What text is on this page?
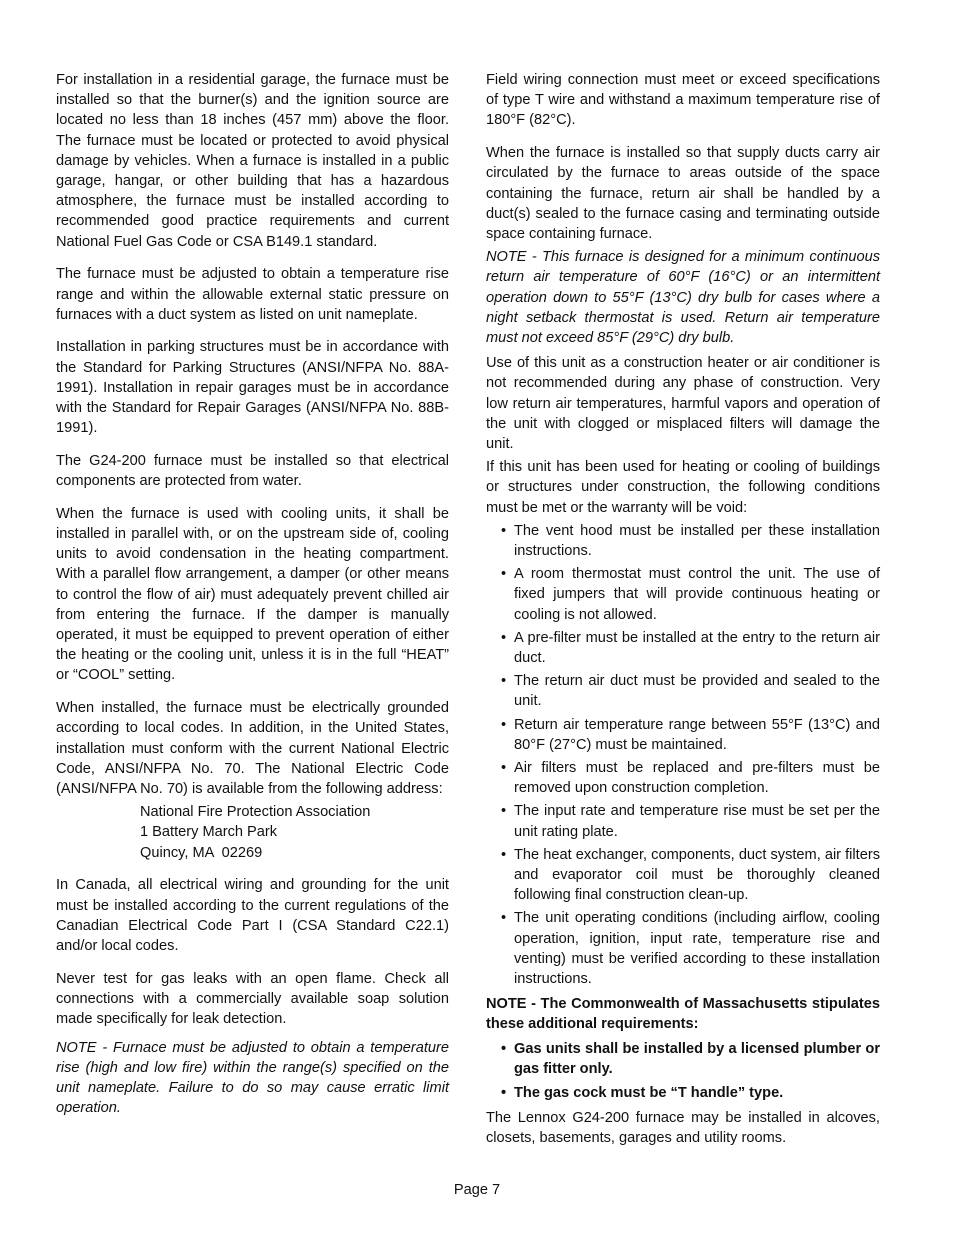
For installation in a residential garage, the furnace must be installed so that the burner(s) and the ignition source are located no less than 18 inches (457 mm) above the floor. The furnace must be located or protected to avoid physical damage by vehicles. When a furnace is installed in a public garage, hangar, or other building that has a hazardous atmosphere, the furnace must be installed according to recommended good practice requirements and current National Fuel Gas Code or CSA B149.1 standard.

The furnace must be adjusted to obtain a temperature rise range and within the allowable external static pressure on furnaces with a duct system as listed on unit nameplate.

Installation in parking structures must be in accordance with the Standard for Parking Structures (ANSI/NFPA No. 88A-1991). Installation in repair garages must be in accordance with the Standard for Repair Garages (ANSI/NFPA No. 88B-1991).

The G24-200 furnace must be installed so that electrical components are protected from water.

When the furnace is used with cooling units, it shall be installed in parallel with, or on the upstream side of, cooling units to avoid condensation in the heating compartment. With a parallel flow arrangement, a damper (or other means to control the flow of air) must adequately prevent chilled air from entering the furnace. If the damper is manually operated, it must be equipped to prevent operation of either the heating or the cooling unit, unless it is in the full “HEAT” or “COOL” setting.

When installed, the furnace must be electrically grounded according to local codes. In addition, in the United States, installation must conform with the current National Electric Code, ANSI/NFPA No. 70. The National Electric Code (ANSI/NFPA No. 70) is available from the following address:

National Fire Protection Association
1 Battery March Park
Quincy, MA  02269

In Canada, all electrical wiring and grounding for the unit must be installed according to the current regulations of the Canadian Electrical Code Part I (CSA Standard C22.1) and/or local codes.

Never test for gas leaks with an open flame. Check all connections with a commercially available soap solution made specifically for leak detection.

NOTE - Furnace must be adjusted to obtain a temperature rise (high and low fire) within the range(s) specified on the unit nameplate. Failure to do so may cause erratic limit operation.

Field wiring connection must meet or exceed specifications of type T wire and withstand a maximum temperature rise of 180°F (82°C).

When the furnace is installed so that supply ducts carry air circulated by the furnace to areas outside of the space containing the furnace, return air shall be handled by a duct(s) sealed to the furnace casing and terminating outside space containing furnace.

NOTE - This furnace is designed for a minimum continuous return air temperature of 60°F (16°C) or an intermittent operation down to 55°F (13°C) dry bulb for cases where a night setback thermostat is used. Return air temperature must not exceed 85°F (29°C) dry bulb.

Use of this unit as a construction heater or air conditioner is not recommended during any phase of construction. Very low return air temperatures, harmful vapors and operation of the unit with clogged or misplaced filters will damage the unit.

If this unit has been used for heating or cooling of buildings or structures under construction, the following conditions must be met or the warranty will be void:

• The vent hood must be installed per these installation instructions.
• A room thermostat must control the unit. The use of fixed jumpers that will provide continuous heating or cooling is not allowed.
• A pre-filter must be installed at the entry to the return air duct.
• The return air duct must be provided and sealed to the unit.
• Return air temperature range between 55°F (13°C) and 80°F (27°C) must be maintained.
• Air filters must be replaced and pre-filters must be removed upon construction completion.
• The input rate and temperature rise must be set per the unit rating plate.
• The heat exchanger, components, duct system, air filters and evaporator coil must be thoroughly cleaned following final construction clean-up.
• The unit operating conditions (including airflow, cooling operation, ignition, input rate, temperature rise and venting) must be verified according to these installation instructions.

NOTE - The Commonwealth of Massachusetts stipulates these additional requirements:

• Gas units shall be installed by a licensed plumber or gas fitter only.
• The gas cock must be “T handle” type.

The Lennox G24-200 furnace may be installed in alcoves, closets, basements, garages and utility rooms.

Page 7
